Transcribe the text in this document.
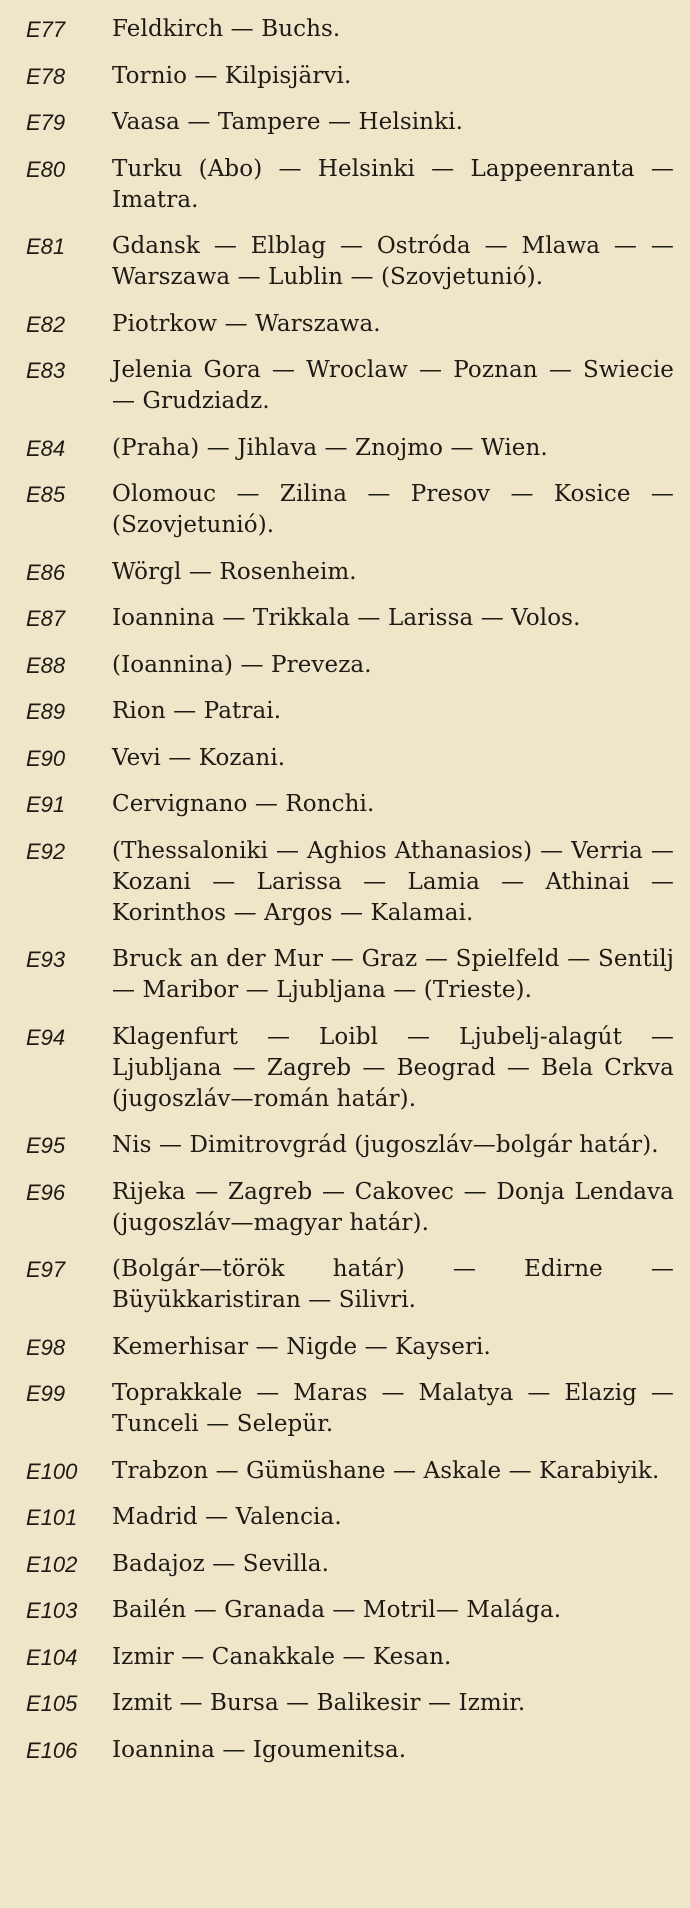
E77	Feldkirch — Buchs.
E78	Tornio — Kilpisjärvi.
E79	Vaasa — Tampere — Helsinki.
E80	Turku (Abo) — Helsinki — Lappeenranta — Imatra.
E81	Gdansk — Elblag — Ostróda — Mlawa — — Warszawa — Lublin — (Szovjetunió).
E82	Piotrkow — Warszawa.
E83	Jelenia Gora — Wroclaw — Poznan — Swiecie — Grudziadz.
E84	(Praha) — Jihlava — Znojmo — Wien.
E85	Olomouc — Zilina — Presov — Kosice — (Szovjetunió).
E86	Wörgl — Rosenheim.
E87	Ioannina — Trikkala — Larissa — Volos.
E88	(Ioannina) — Preveza.
E89	Rion — Patrai.
E90	Vevi — Kozani.
E91	Cervignano — Ronchi.
E92	(Thessaloniki — Aghios Athanasios) — Verria — Kozani — Larissa — Lamia — Athinai — Korinthos — Argos — Kalamai.
E93	Bruck an der Mur — Graz — Spielfeld — Sentilj — Maribor — Ljubljana — (Trieste).
E94	Klagenfurt — Loibl — Ljubelj-alagút — Ljubljana — Zagreb — Beograd — Bela Crkva (jugoszláv—román határ).
E95	Nis — Dimitrovgrád (jugoszláv—bolgár határ).
E96	Rijeka — Zagreb — Cakovec — Donja Lendava (jugoszláv—magyar határ).
E97	(Bolgár—török határ) — Edirne — Büyükkaristiran — Silivri.
E98	Kemerhisar — Nigde — Kayseri.
E99	Toprakkale — Maras — Malatya — Elazig — Tunceli — Selepür.
E100	Trabzon — Gümüshane — Askale — Karabiyik.
E101	Madrid — Valencia.
E102	Badajoz — Sevilla.
E103	Bailén — Granada — Motril— Malága.
E104	Izmir — Canakkale — Kesan.
E105	Izmit — Bursa — Balikesir — Izmir.
E106	Ioannina — Igoumenitsa.
